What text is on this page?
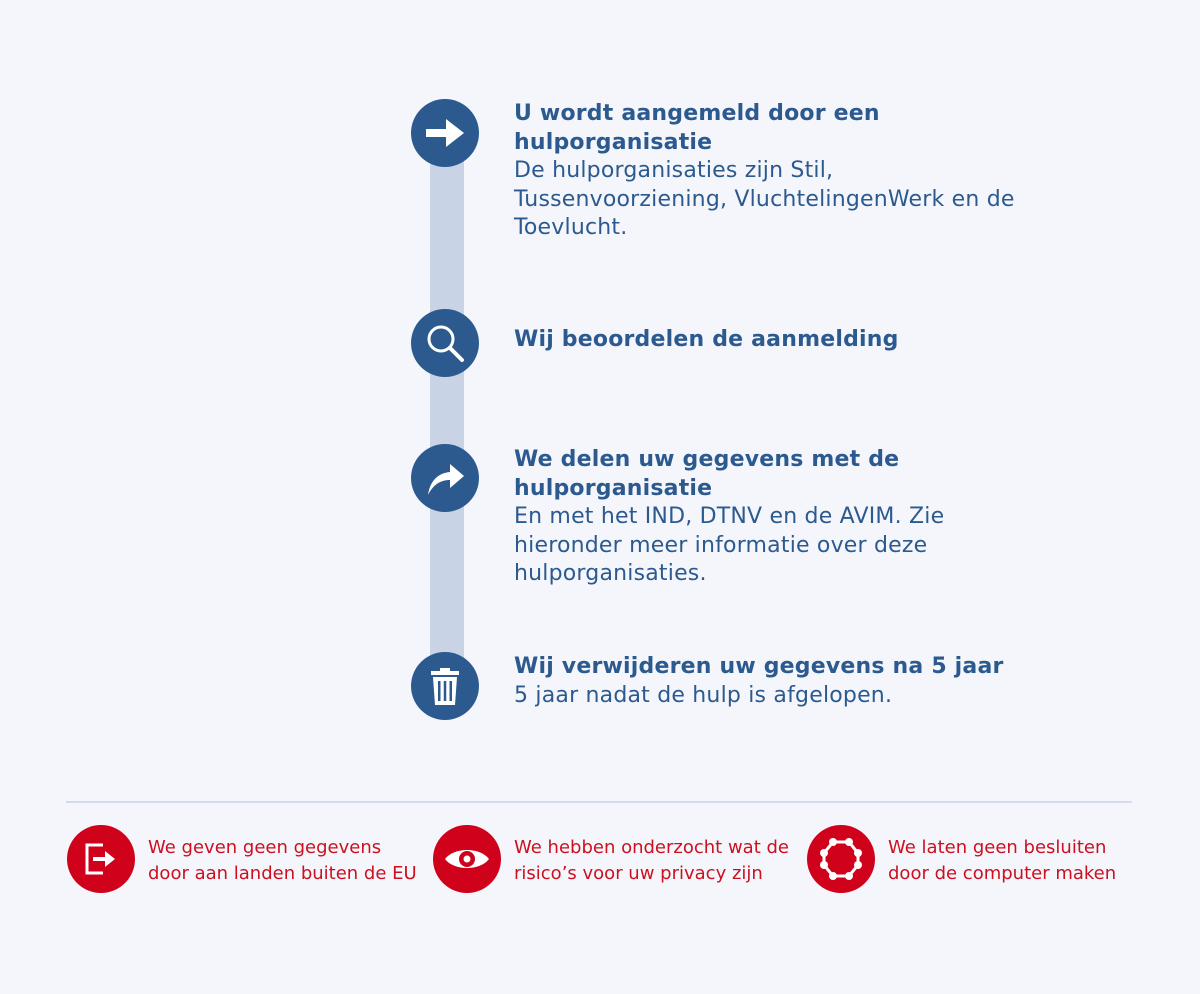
U wordt aangemeld door een
hulporganisatie
De hulporganisaties zijn Stil,
Tussenvoorziening, VluchtelingenWerk en de
Toevlucht.
Wij beoordelen de aanmelding
We delen uw gegevens met de
hulporganisatie
En met het IND, DTNV en de AVIM. Zie
hieronder meer informatie over deze
hulporganisaties.
Wij verwijderen uw gegevens na 5 jaar
5 jaar nadat de hulp is afgelopen.
We geven geen gegevens
door aan landen buiten de EU
We hebben onderzocht wat de
risico’s voor uw privacy zijn
We laten geen besluiten
door de computer maken
